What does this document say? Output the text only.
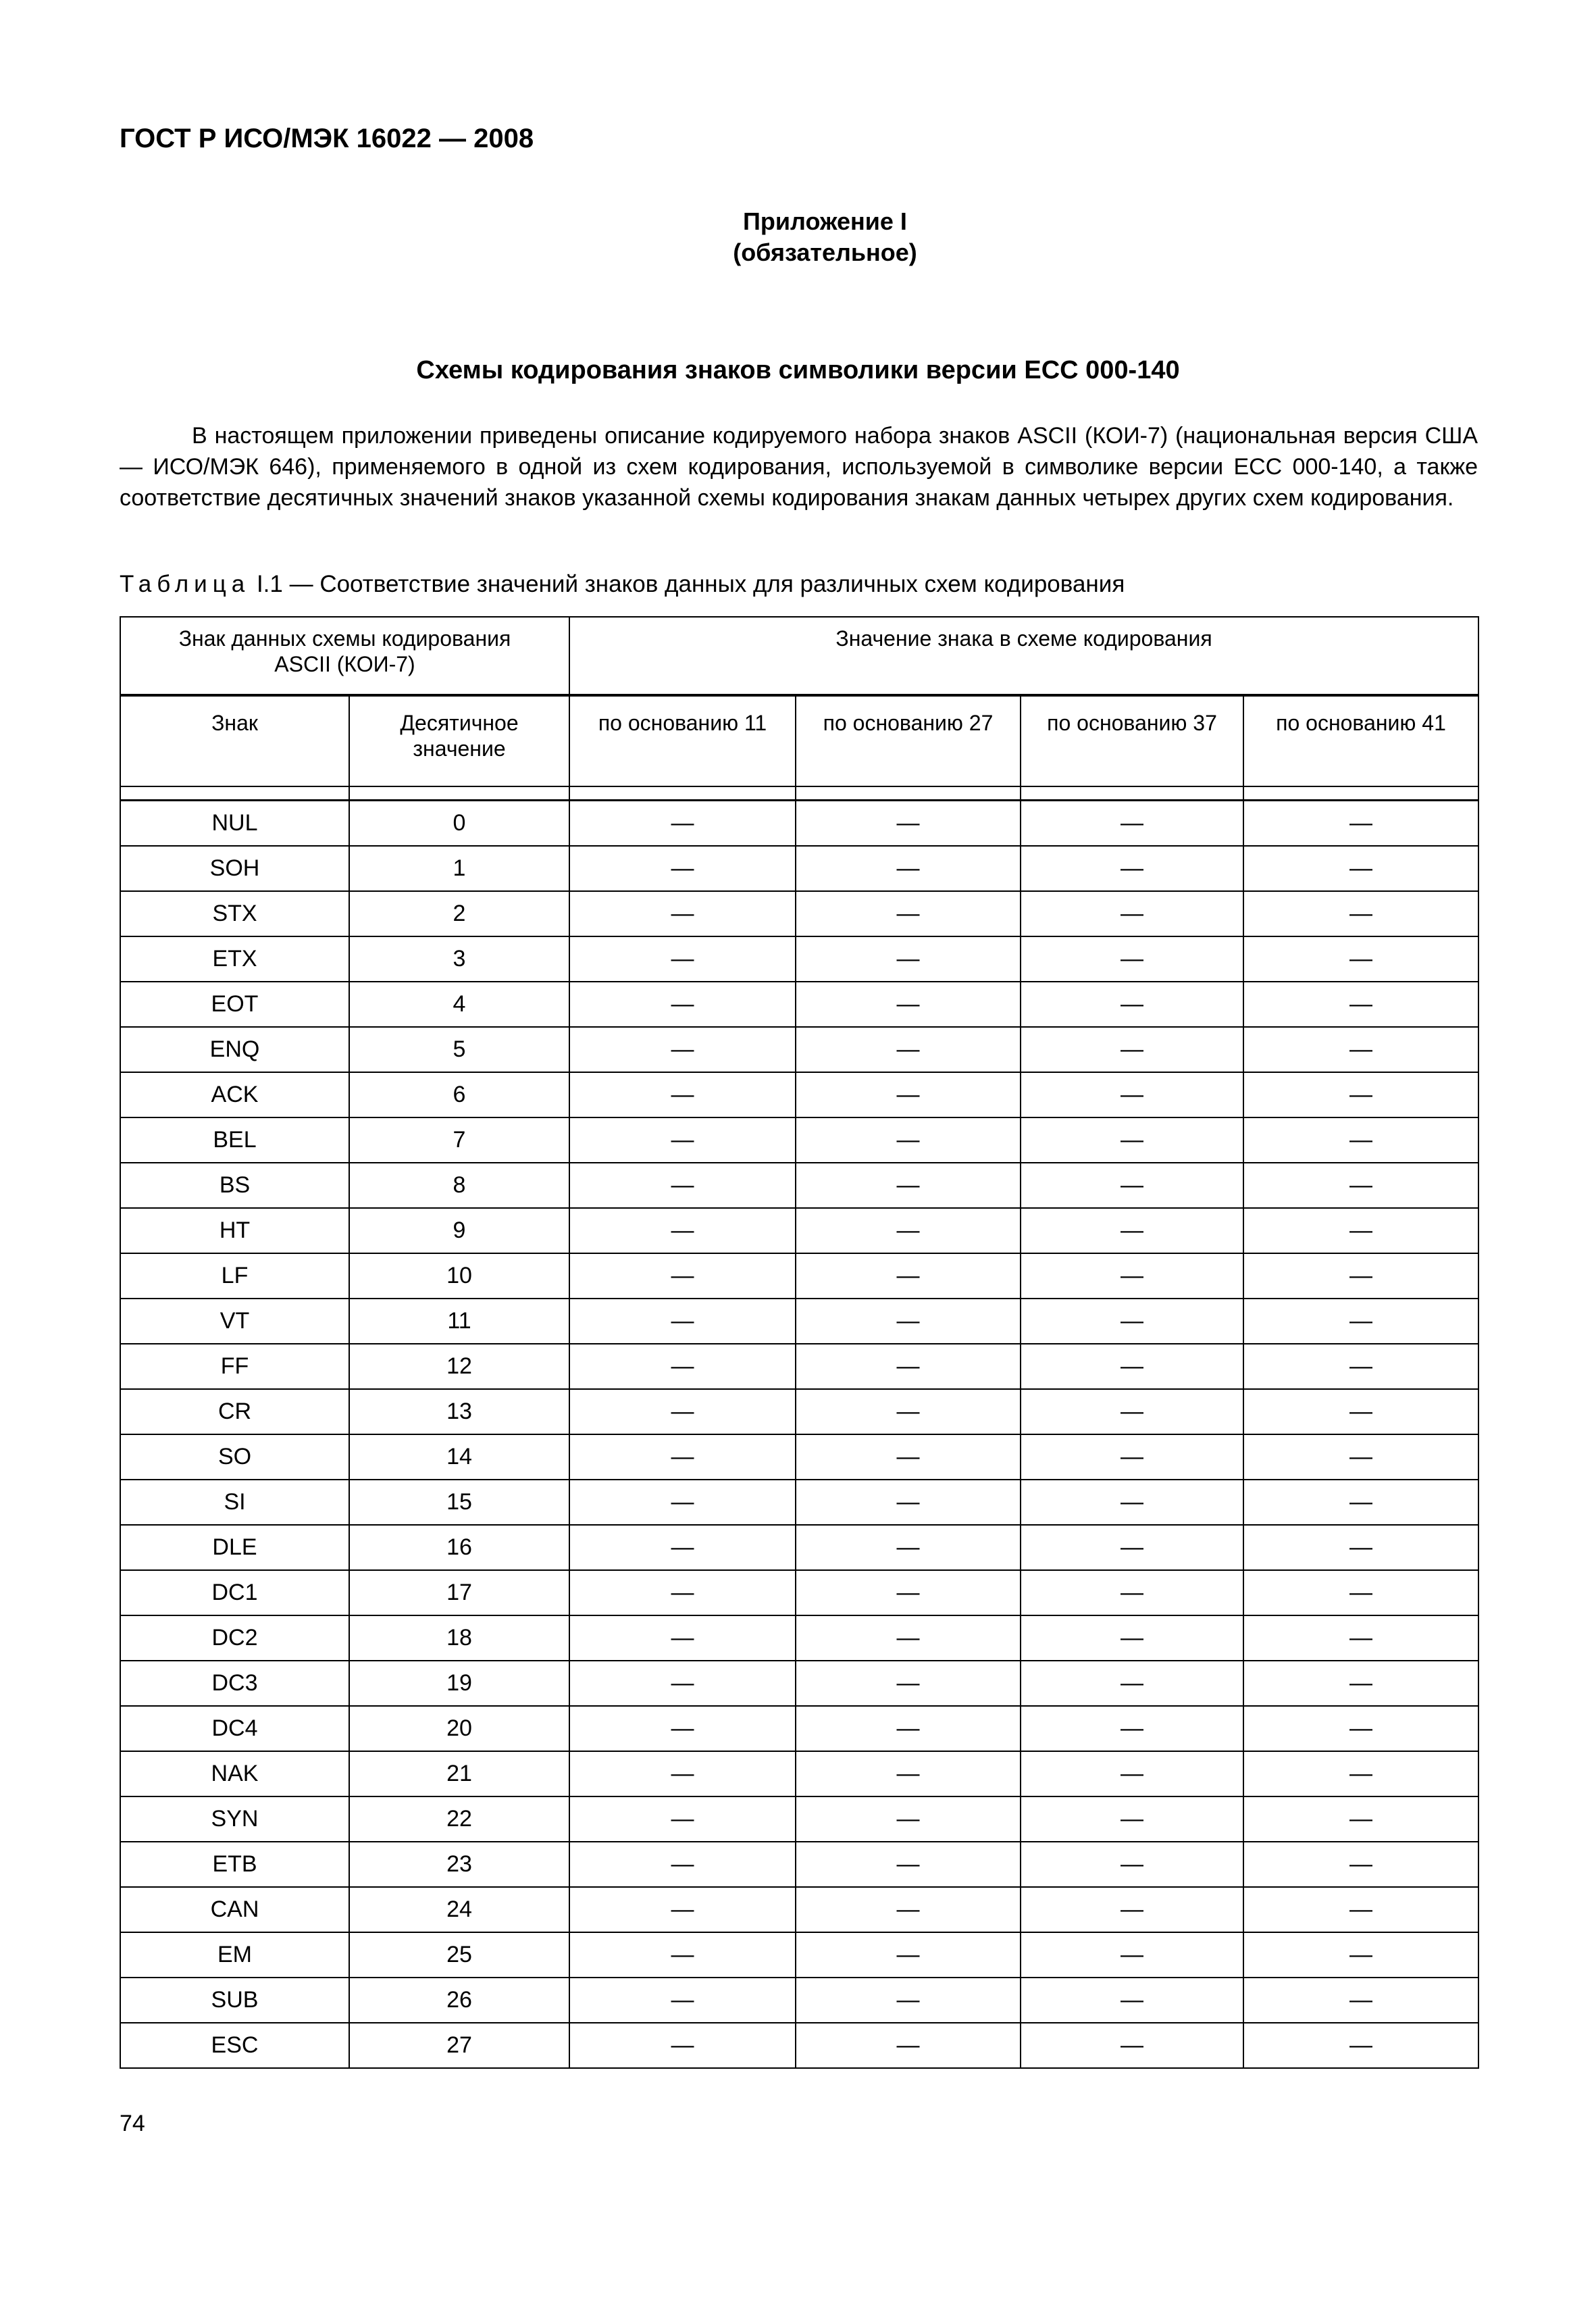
ГОСТ Р ИСО/МЭК 16022 — 2008
Приложение I
(обязательное)
Схемы кодирования знаков символики версии ЕСС 000-140
В настоящем приложении приведены описание кодируемого набора знаков ASCII (КОИ-7) (национальная версия США — ИСО/МЭК 646), применяемого в одной из схем кодирования, используемой в символике версии ЕСС 000-140, а также соответствие десятичных значений знаков указанной схемы кодирования знакам данных четырех других схем кодирования.
Таблица I.1 — Соответствие значений знаков данных для различных схем кодирования
Знак данных схемы кодирования ASCII (КОИ-7)		Значение знака в схеме кодирования			
Знак	Десятичное значение	по основанию 11	по основанию 27	по основанию 37	по основанию 41

NUL	0	—	—	—	—
SOH	1	—	—	—	—
STX	2	—	—	—	—
ETX	3	—	—	—	—
EOT	4	—	—	—	—
ENQ	5	—	—	—	—
ACK	6	—	—	—	—
BEL	7	—	—	—	—
BS	8	—	—	—	—
HT	9	—	—	—	—
LF	10	—	—	—	—
VT	11	—	—	—	—
FF	12	—	—	—	—
CR	13	—	—	—	—
SO	14	—	—	—	—
SI	15	—	—	—	—
DLE	16	—	—	—	—
DC1	17	—	—	—	—
DC2	18	—	—	—	—
DC3	19	—	—	—	—
DC4	20	—	—	—	—
NAK	21	—	—	—	—
SYN	22	—	—	—	—
ETB	23	—	—	—	—
CAN	24	—	—	—	—
EM	25	—	—	—	—
SUB	26	—	—	—	—
ESC	27	—	—	—	—
74
